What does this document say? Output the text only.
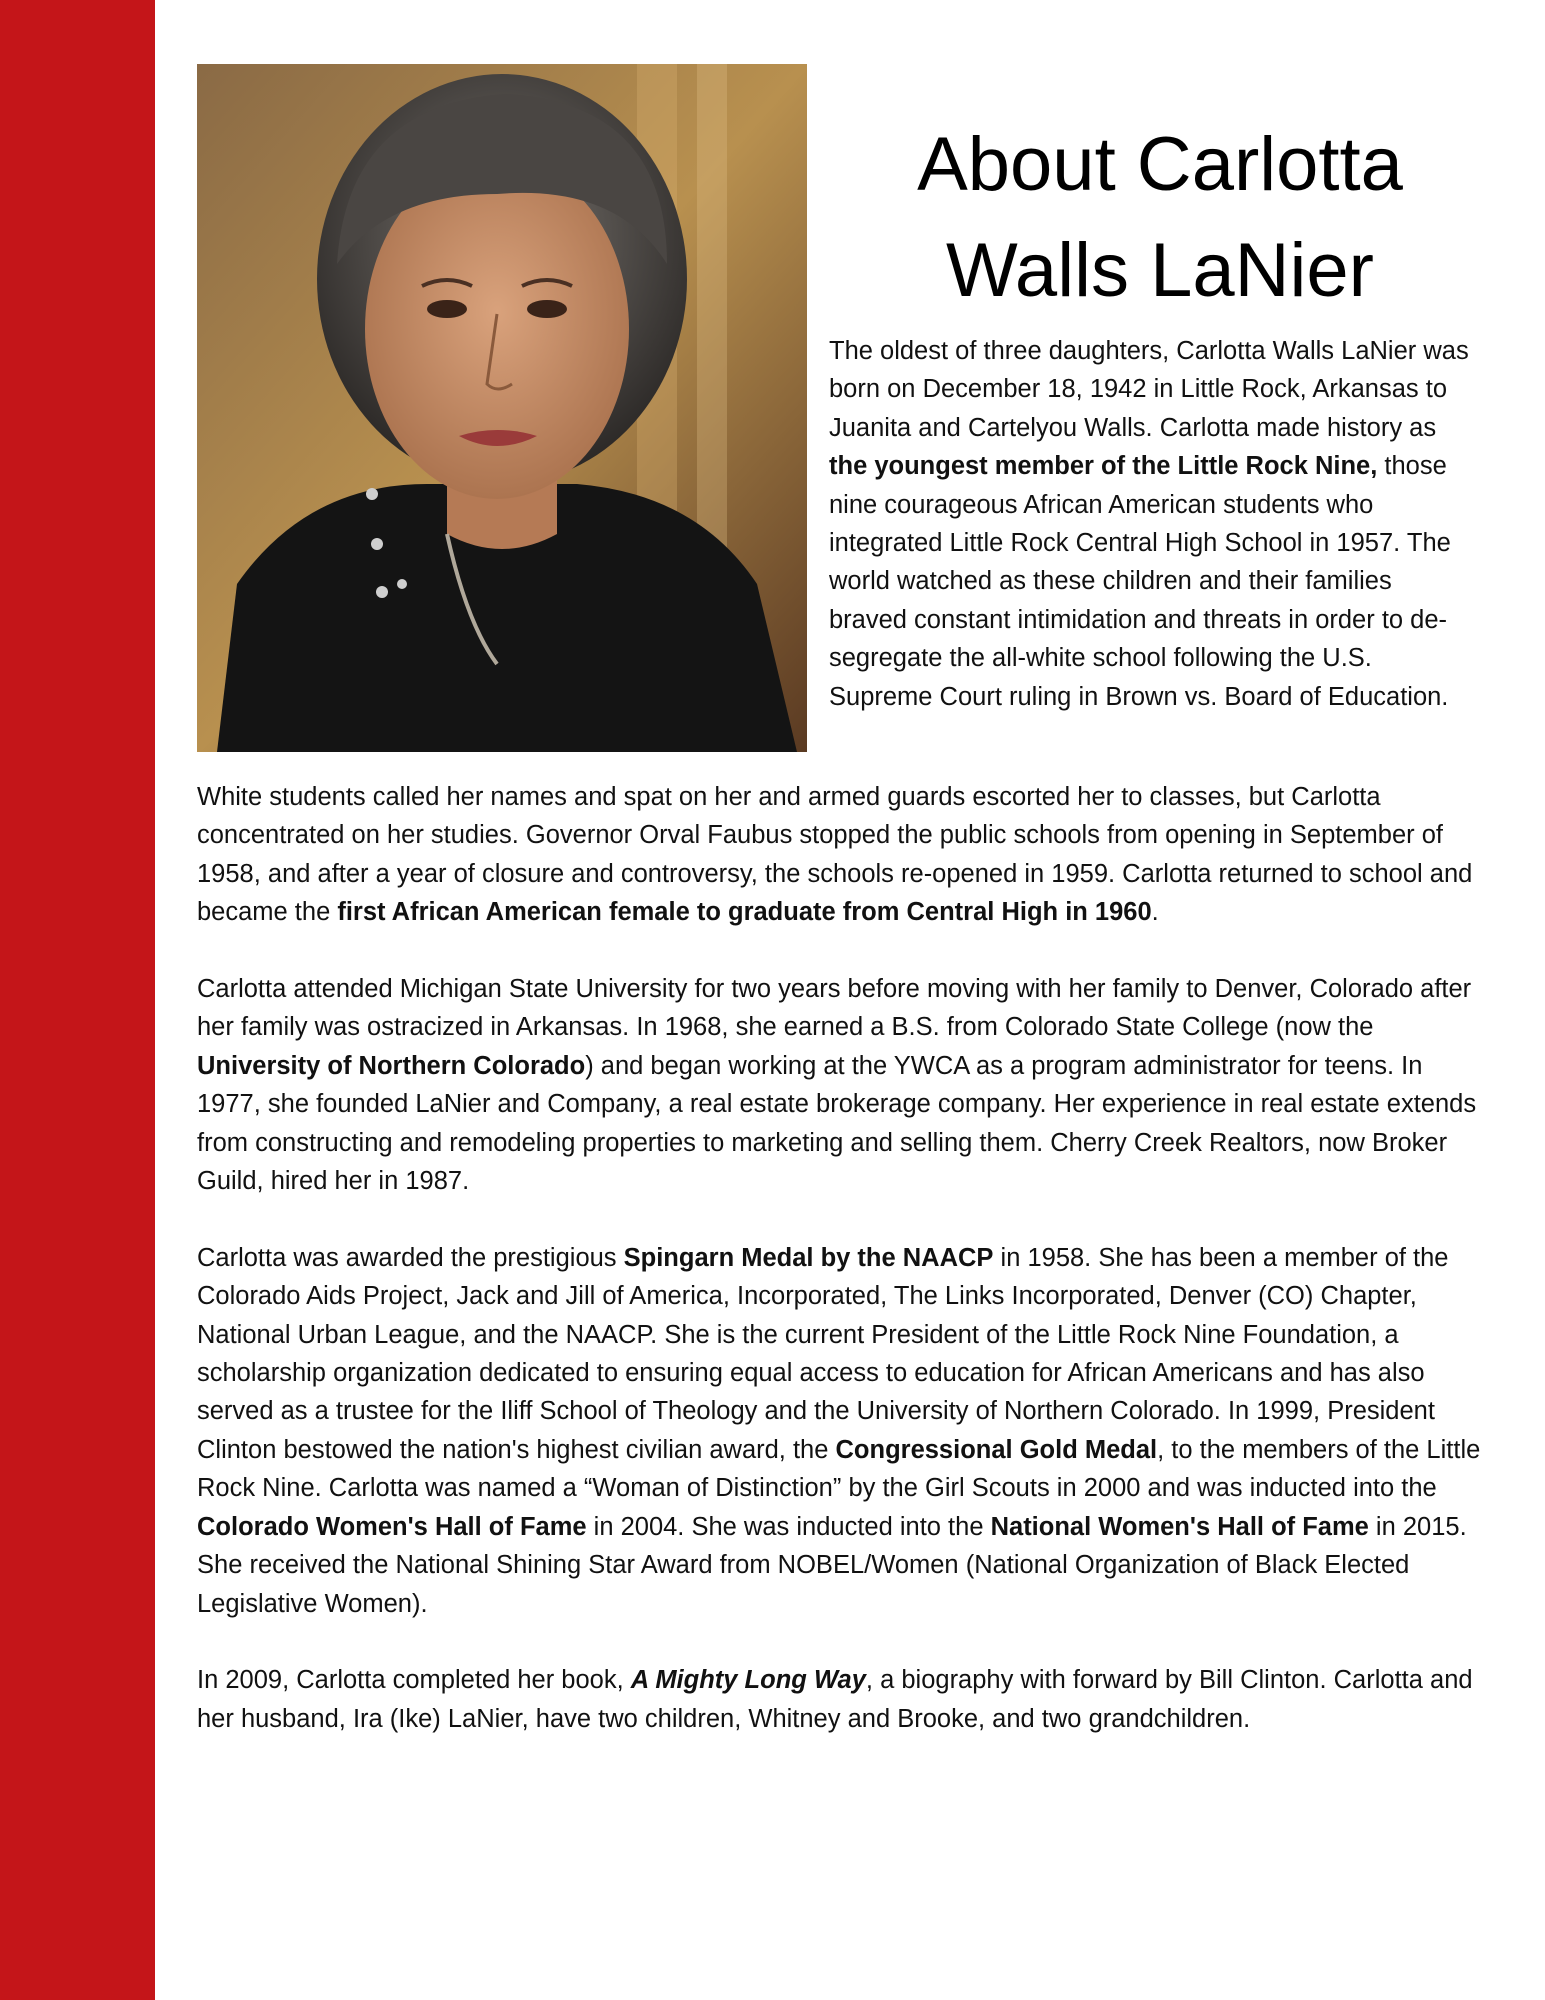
About Carlotta Walls LaNier

The oldest of three daughters, Carlotta Walls LaNier was born on December 18, 1942 in Little Rock, Arkansas to Juanita and Cartelyou Walls. Carlotta made history as the youngest member of the Little Rock Nine, those nine courageous African American students who integrated Little Rock Central High School in 1957. The world watched as these children and their families braved constant intimidation and threats in order to de-segregate the all-white school following the U.S. Supreme Court ruling in Brown vs. Board of Education.

White students called her names and spat on her and armed guards escorted her to classes, but Carlotta concentrated on her studies. Governor Orval Faubus stopped the public schools from opening in September of 1958, and after a year of closure and controversy, the schools re-opened in 1959. Carlotta returned to school and became the first African American female to graduate from Central High in 1960.

Carlotta attended Michigan State University for two years before moving with her family to Denver, Colorado after her family was ostracized in Arkansas. In 1968, she earned a B.S. from Colorado State College (now the University of Northern Colorado) and began working at the YWCA as a program administrator for teens. In 1977, she founded LaNier and Company, a real estate brokerage company. Her experience in real estate extends from constructing and remodeling properties to marketing and selling them. Cherry Creek Realtors, now Broker Guild, hired her in 1987.

Carlotta was awarded the prestigious Spingarn Medal by the NAACP in 1958. She has been a member of the Colorado Aids Project, Jack and Jill of America, Incorporated, The Links Incorporated, Denver (CO) Chapter, National Urban League, and the NAACP. She is the current President of the Little Rock Nine Foundation, a scholarship organization dedicated to ensuring equal access to education for African Americans and has also served as a trustee for the Iliff School of Theology and the University of Northern Colorado. In 1999, President Clinton bestowed the nation's highest civilian award, the Congressional Gold Medal, to the members of the Little Rock Nine. Carlotta was named a “Woman of Distinction” by the Girl Scouts in 2000 and was inducted into the Colorado Women's Hall of Fame in 2004. She was inducted into the National Women's Hall of Fame in 2015. She received the National Shining Star Award from NOBEL/Women (National Organization of Black Elected Legislative Women).

In 2009, Carlotta completed her book, A Mighty Long Way, a biography with forward by Bill Clinton. Carlotta and her husband, Ira (Ike) LaNier, have two children, Whitney and Brooke, and two grandchildren.
